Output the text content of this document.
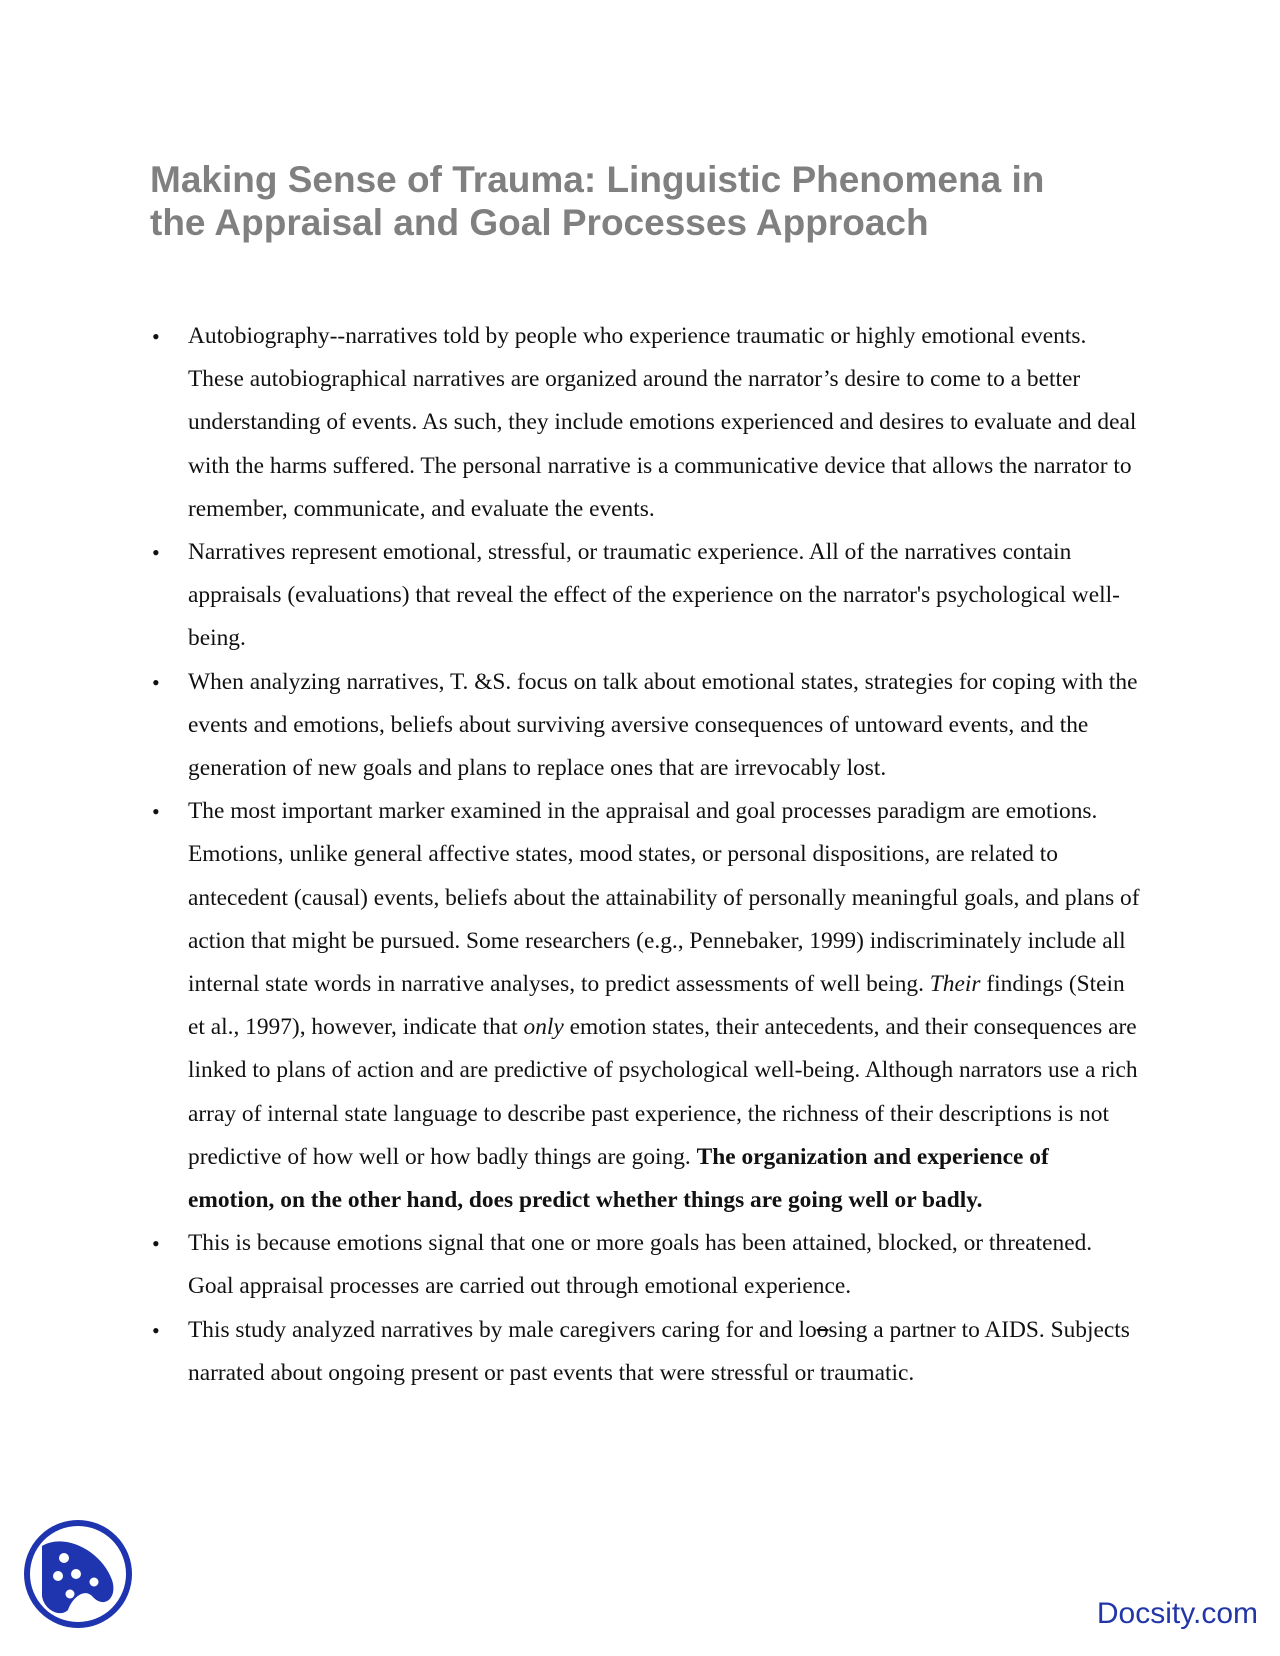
Making Sense of Trauma: Linguistic Phenomena in
the Appraisal and Goal Processes Approach
• Autobiography--narratives told by people who experience traumatic or highly emotional events. These autobiographical narratives are organized around the narrator’s desire to come to a better understanding of events. As such, they include emotions experienced and desires to evaluate and deal with the harms suffered. The personal narrative is a communicative device that allows the narrator to remember, communicate, and evaluate the events.
• Narratives represent emotional, stressful, or traumatic experience. All of the narratives contain appraisals (evaluations) that reveal the effect of the experience on the narrator's psychological well-being.
• When analyzing narratives, T. &S. focus on talk about emotional states, strategies for coping with the events and emotions, beliefs about surviving aversive consequences of untoward events, and the generation of new goals and plans to replace ones that are irrevocably lost.
• The most important marker examined in the appraisal and goal processes paradigm are emotions. Emotions, unlike general affective states, mood states, or personal dispositions, are related to antecedent (causal) events, beliefs about the attainability of personally meaningful goals, and plans of action that might be pursued. Some researchers (e.g., Pennebaker, 1999) indiscriminately include all internal state words in narrative analyses, to predict assessments of well being. Their findings (Stein et al., 1997), however, indicate that only emotion states, their antecedents, and their consequences are linked to plans of action and are predictive of psychological well-being. Although narrators use a rich array of internal state language to describe past experience, the richness of their descriptions is not predictive of how well or how badly things are going. The organization and experience of emotion, on the other hand, does predict whether things are going well or badly.
• This is because emotions signal that one or more goals has been attained, blocked, or threatened. Goal appraisal processes are carried out through emotional experience.
• This study analyzed narratives by male caregivers caring for and loosing a partner to AIDS. Subjects narrated about ongoing present or past events that were stressful or traumatic.
Docsity.com
